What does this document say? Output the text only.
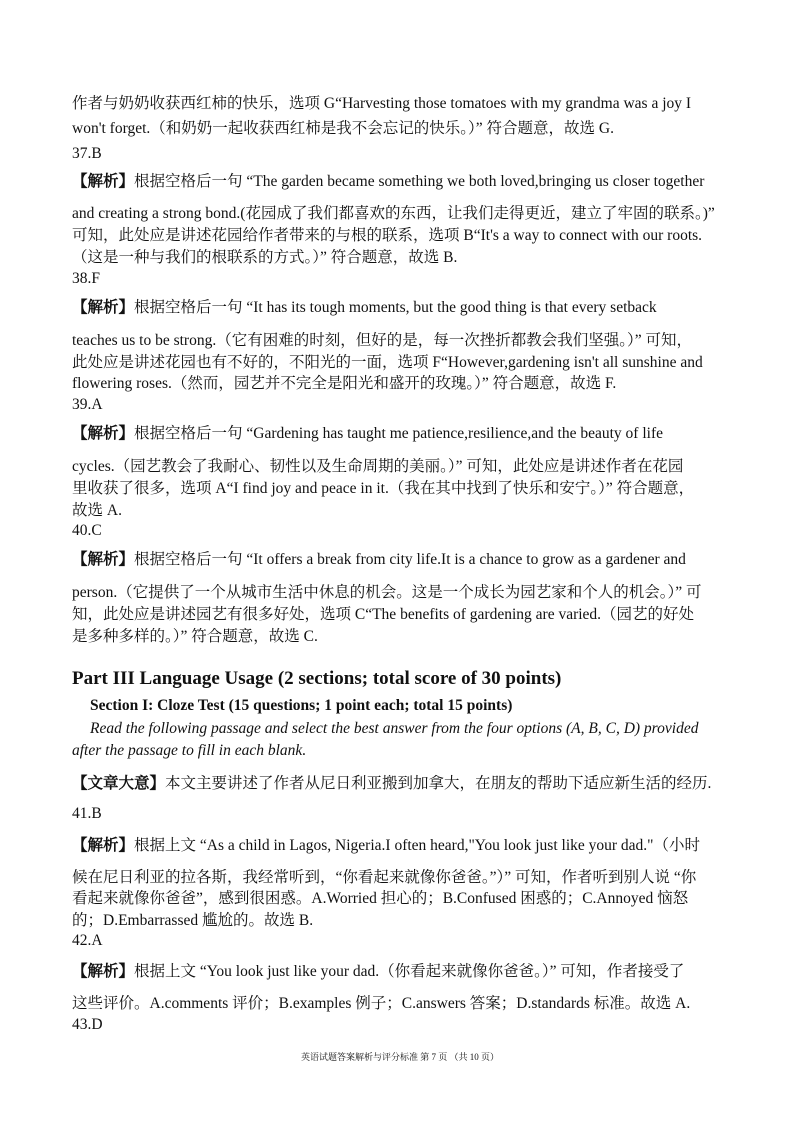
作者与奶奶收获西红柿的快乐，选项 G“Harvesting those tomatoes with my grandma was a joy I
won't forget.（和奶奶一起收获西红柿是我不会忘记的快乐。）” 符合题意，故选 G.
37.B
【解析】根据空格后一句 “The garden became something we both loved,bringing us closer together
and creating a strong bond.(花园成了我们都喜欢的东西，让我们走得更近，建立了牢固的联系。)”
可知，此处应是讲述花园给作者带来的与根的联系，选项 B“It's a way to connect with our roots.
（这是一种与我们的根联系的方式。）” 符合题意，故选 B.
38.F
【解析】根据空格后一句 “It has its tough moments, but the good thing is that every setback
teaches us to be strong.（它有困难的时刻，但好的是，每一次挫折都教会我们坚强。）” 可知，
此处应是讲述花园也有不好的，不阳光的一面，选项 F“However,gardening isn't all sunshine and
flowering roses.（然而，园艺并不完全是阳光和盛开的玫瑰。）” 符合题意，故选 F.
39.A
【解析】根据空格后一句 “Gardening has taught me patience,resilience,and the beauty of life
cycles.（园艺教会了我耐心、韧性以及生命周期的美丽。）” 可知，此处应是讲述作者在花园
里收获了很多，选项 A“I find joy and peace in it.（我在其中找到了快乐和安宁。）” 符合题意，
故选 A.
40.C
【解析】根据空格后一句 “It offers a break from city life.It is a chance to grow as a gardener and
person.（它提供了一个从城市生活中休息的机会。这是一个成长为园艺家和个人的机会。）” 可
知，此处应是讲述园艺有很多好处，选项 C“The benefits of gardening are varied.（园艺的好处
是多种多样的。）” 符合题意，故选 C.
Part III Language Usage (2 sections; total score of 30 points)
Section I: Cloze Test (15 questions; 1 point each; total 15 points)
Read the following passage and select the best answer from the four options (A, B, C, D) provided
after the passage to fill in each blank.
【文章大意】本文主要讲述了作者从尼日利亚搬到加拿大，在朋友的帮助下适应新生活的经历.
41.B
【解析】根据上文 “As a child in Lagos, Nigeria.I often heard,"You look just like your dad."（小时
候在尼日利亚的拉各斯，我经常听到，“你看起来就像你爸爸。”）” 可知，作者听到别人说 “你
看起来就像你爸爸”，感到很困惑。A.Worried 担心的；B.Confused 困惑的；C.Annoyed 恼怒
的；D.Embarrassed 尴尬的。故选 B.
42.A
【解析】根据上文 “You look just like your dad.（你看起来就像你爸爸。）” 可知，作者接受了
这些评价。A.comments 评价；B.examples 例子；C.answers 答案；D.standards 标准。故选 A.
43.D
英语试题答案解析与评分标准 第 7 页 （共 10 页）
